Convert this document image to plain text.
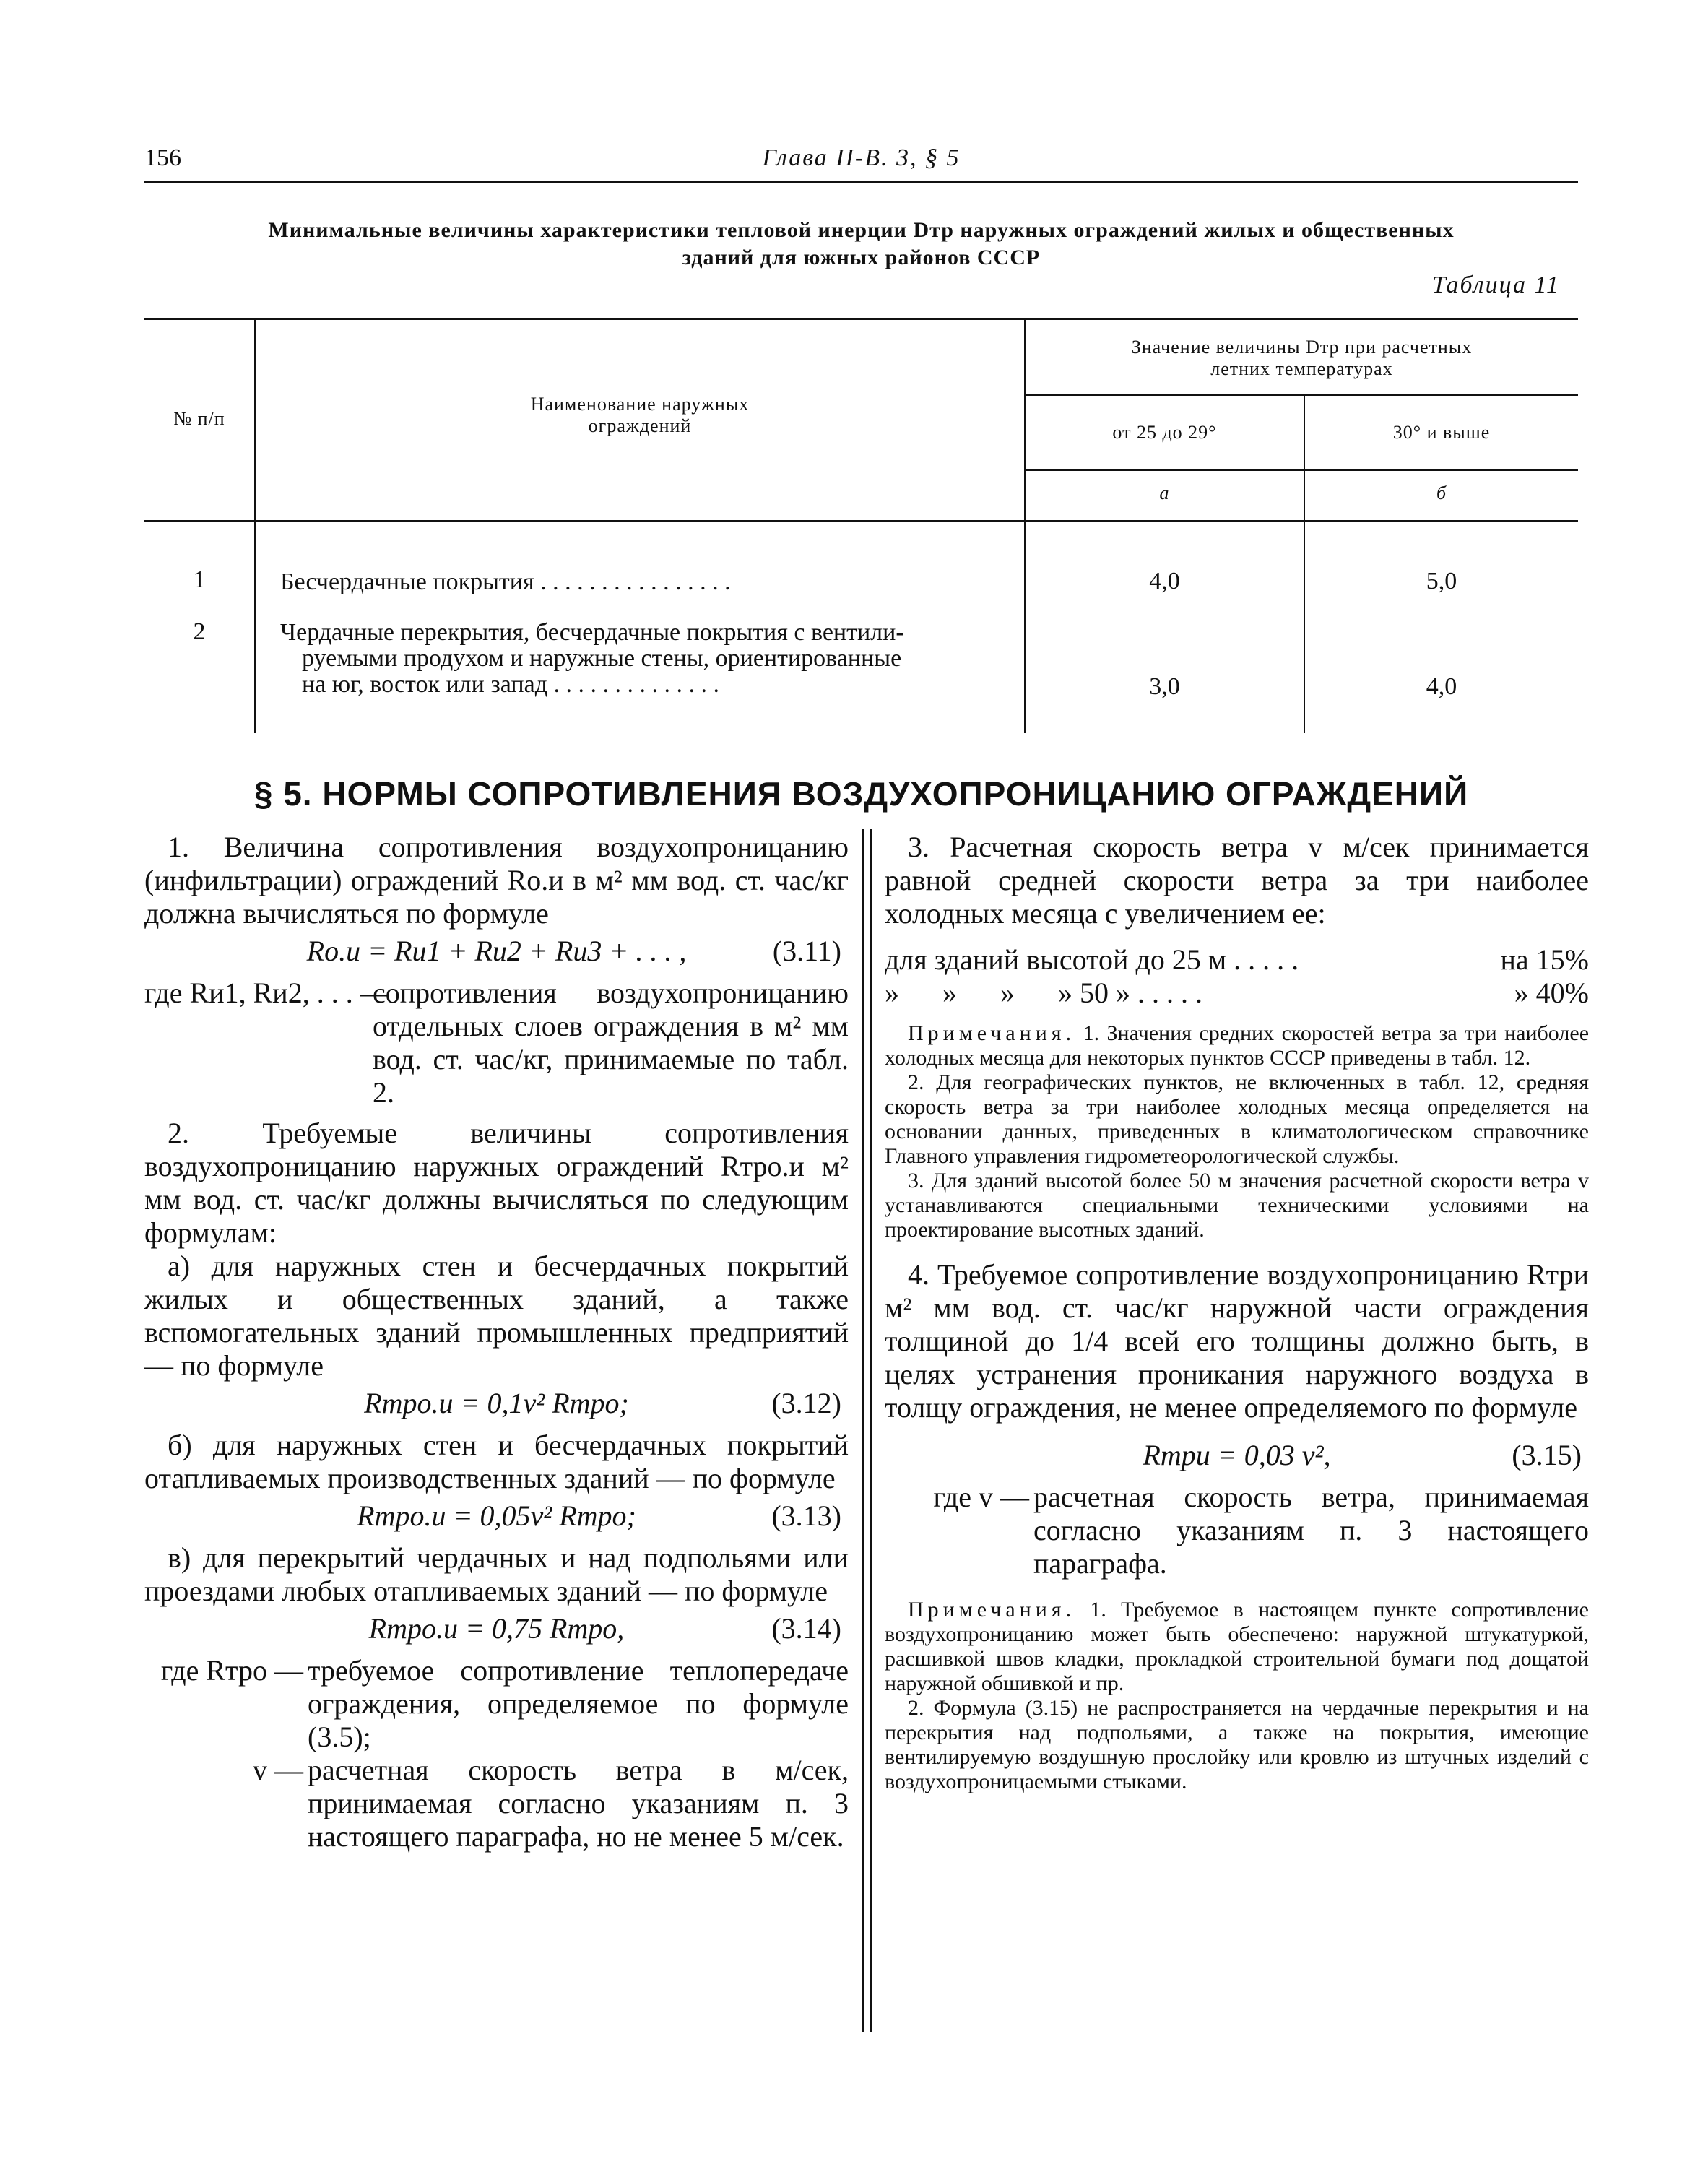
156	Глава II-В. 3, § 5
Минимальные величины характеристики тепловой инерции Dтр наружных ограждений жилых и общественных
зданий для южных районов СССР
Таблица 11
№ п/п
Наименование наружных
ограждений
Значение величины Dтр при расчетных
летних температурах
от 25 до 29°	30° и выше
а	б
1	Бесчердачные покрытия . . . . . . . . . . . . . . . .	4,0	5,0
2	Чердачные перекрытия, бесчердачные покрытия с вентили-
руемыми продухом и наружные стены, ориентированные
на юг, восток или запад . . . . . . . . . . . . . .	3,0	4,0
§ 5. НОРМЫ СОПРОТИВЛЕНИЯ ВОЗДУХОПРОНИЦАНИЮ ОГРАЖДЕНИЙ

1. Величина сопротивления воздухопроницанию (инфильтрации) ограждений Rо.и в м² мм вод. ст. час/кг должна вычисляться по формуле

Rо.и = Rи1 + Rи2 + Rи3 + . . . ,	(3.11)
где Rи1, Rи2, . . . —
сопротивления воздухопроницанию отдельных слоев ограждения в м² мм вод. ст. час/кг, принимаемые по табл. 2.

2. Требуемые величины сопротивления воздухопроницанию наружных ограждений Rтро.и м² мм вод. ст. час/кг должны вычисляться по следующим формулам:

а) для наружных стен и бесчердачных покрытий жилых и общественных зданий, а также вспомогательных зданий промышленных предприятий — по формуле

Rтро.и = 0,1v² Rтро;	(3.12)

б) для наружных стен и бесчердачных покрытий отапливаемых производственных зданий — по формуле

Rтро.и = 0,05v² Rтро;	(3.13)

в) для перекрытий чердачных и над подпольями или проездами любых отапливаемых зданий — по формуле

Rтро.и = 0,75 Rтро,	(3.14)
где Rтро — требуемое сопротивление теплопередаче ограждения, определяемое по формуле (3.5);
v — расчетная скорость ветра в м/сек, принимаемая согласно указаниям п. 3 настоящего параграфа, но не менее 5 м/сек.

3. Расчетная скорость ветра v м/сек принимается равной средней скорости ветра за три наиболее холодных месяца с увеличением ее:

для зданий высотой до 25 м . . . . .	на 15%
»      »      »      » 50 » . . . . .	» 40%

Примечания. 1. Значения средних скоростей ветра за три наиболее холодных месяца для некоторых пунктов СССР приведены в табл. 12.

2. Для географических пунктов, не включенных в табл. 12, средняя скорость ветра за три наиболее холодных месяца определяется на основании данных, приведенных в климатологическом справочнике Главного управления гидрометеорологической службы.

3. Для зданий высотой более 50 м значения расчетной скорости ветра v устанавливаются специальными техническими условиями на проектирование высотных зданий.

4. Требуемое сопротивление воздухопроницанию Rтри м² мм вод. ст. час/кг наружной части ограждения толщиной до 1/4 всей его толщины должно быть, в целях устранения проникания наружного воздуха в толщу ограждения, не менее определяемого по формуле

Rтри = 0,03 v²,	(3.15)
где v — расчетная скорость ветра, принимаемая согласно указаниям п. 3 настоящего параграфа.

Примечания. 1. Требуемое в настоящем пункте сопротивление воздухопроницанию может быть обеспечено: наружной штукатуркой, расшивкой швов кладки, прокладкой строительной бумаги под дощатой наружной обшивкой и пр.

2. Формула (3.15) не распространяется на чердачные перекрытия и на перекрытия над подпольями, а также на покрытия, имеющие вентилируемую воздушную прослойку или кровлю из штучных изделий с воздухопроницаемыми стыками.
